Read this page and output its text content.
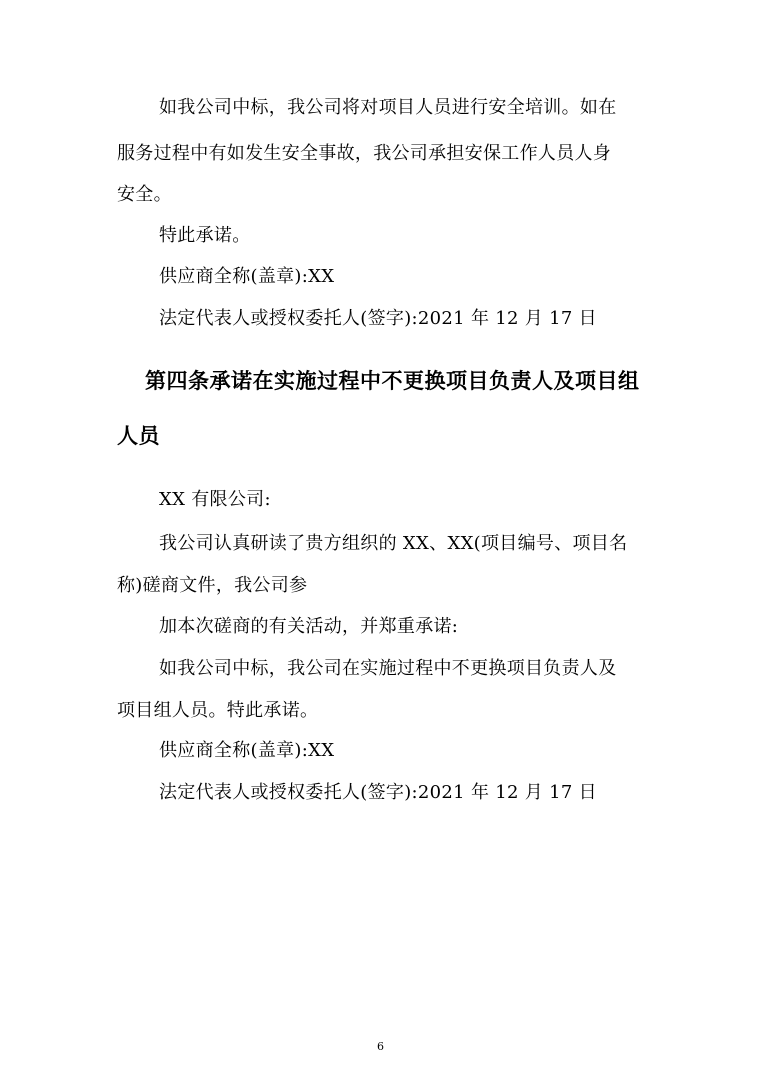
如我公司中标，我公司将对项目人员进行安全培训。如在
服务过程中有如发生安全事故，我公司承担安保工作人员人身
安全。
特此承诺。
供应商全称(盖章):XX
法定代表人或授权委托人(签字):2021 年 12 月 17 日
第四条承诺在实施过程中不更换项目负责人及项目组
人员
XX 有限公司:
我公司认真研读了贵方组织的 XX、XX(项目编号、项目名
称)磋商文件，我公司参
加本次磋商的有关活动，并郑重承诺:
如我公司中标，我公司在实施过程中不更换项目负责人及
项目组人员。特此承诺。
供应商全称(盖章):XX
法定代表人或授权委托人(签字):2021 年 12 月 17 日
6
